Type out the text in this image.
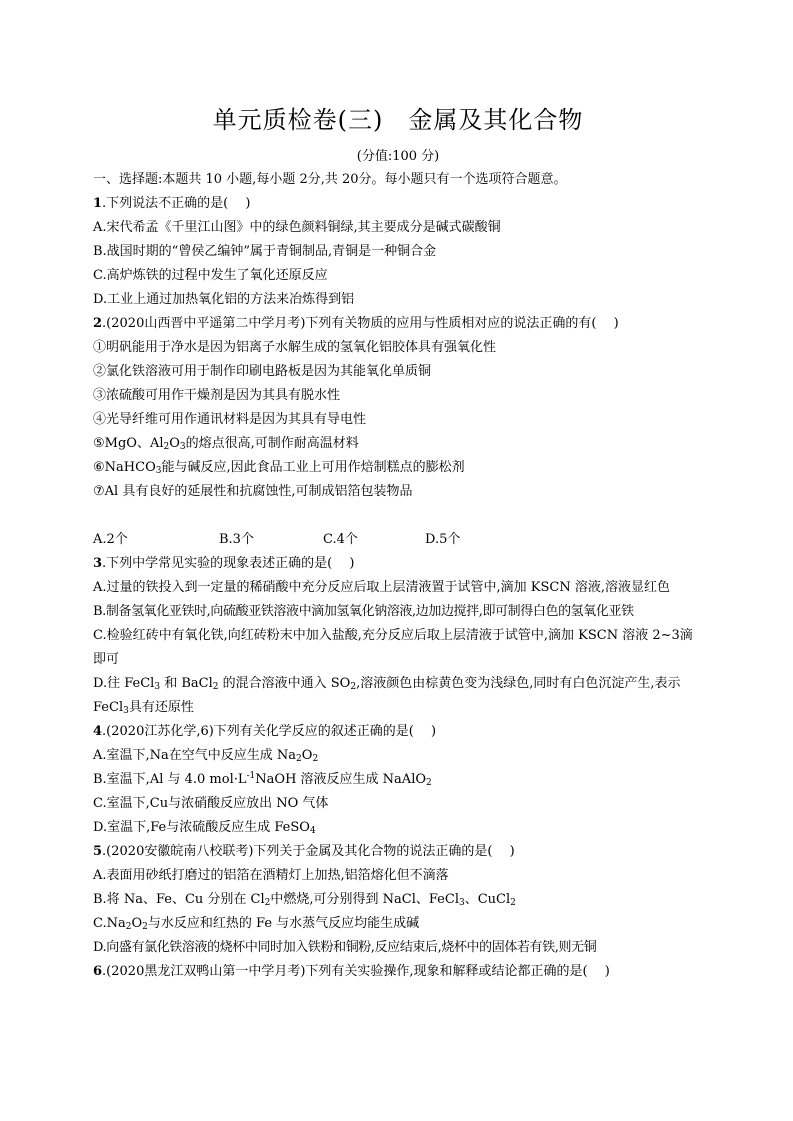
单元质检卷(三)　金属及其化合物
(分值:100 分)
一、选择题:本题共 10 小题,每小题 2分,共 20分。每小题只有一个选项符合题意。
1.下列说法不正确的是(　 )
A.宋代希孟《千里江山图》中的绿色颜料铜绿,其主要成分是碱式碳酸铜
B.战国时期的“曾侯乙编钟”属于青铜制品,青铜是一种铜合金
C.高炉炼铁的过程中发生了氧化还原反应
D.工业上通过加热氧化铝的方法来冶炼得到铝
2.(2020山西晋中平遥第二中学月考)下列有关物质的应用与性质相对应的说法正确的有(　 )
①明矾能用于净水是因为铝离子水解生成的氢氧化铝胶体具有强氧化性
②氯化铁溶液可用于制作印刷电路板是因为其能氧化单质铜
③浓硫酸可用作干燥剂是因为其具有脱水性
④光导纤维可用作通讯材料是因为其具有导电性
⑤MgO、$Al_2O_3$的熔点很高,可制作耐高温材料
⑥NaHCO$_3$能与碱反应,因此食品工业上可用作焙制糕点的膨松剂
⑦Al 具有良好的延展性和抗腐蚀性,可制成铝箔包装物品
A.2个	B.3个	C.4个	D.5个
3.下列中学常见实验的现象表述正确的是(　 )
A.过量的铁投入到一定量的稀硝酸中充分反应后取上层清液置于试管中,滴加 KSCN 溶液,溶液显红色
B.制备氢氧化亚铁时,向硫酸亚铁溶液中滴加氢氧化钠溶液,边加边搅拌,即可制得白色的氢氧化亚铁
C.检验红砖中有氧化铁,向红砖粉末中加入盐酸,充分反应后取上层清液于试管中,滴加 KSCN 溶液 2~3滴即可
D.往 FeCl$_3$ 和 BaCl$_2$ 的混合溶液中通入 $SO_2$,溶液颜色由棕黄色变为浅绿色,同时有白色沉淀产生,表示 FeCl$_3$具有还原性
4.(2020江苏化学,6)下列有关化学反应的叙述正确的是(　 )
A.室温下,Na在空气中反应生成 $Na_2O_2$
B.室温下,Al 与 4.0 $mol\cdot L^{-1}NaOH$ 溶液反应生成 NaAlO$_2$
C.室温下,Cu与浓硝酸反应放出 NO 气体
D.室温下,Fe与浓硫酸反应生成 FeSO$_4$
5.(2020安徽皖南八校联考)下列关于金属及其化合物的说法正确的是(　 )
A.表面用砂纸打磨过的铝箔在酒精灯上加热,铝箔熔化但不滴落
B.将 Na、Fe、Cu 分别在 $Cl_2$中燃烧,可分别得到 NaCl、FeCl$_3$、CuCl$_2$
$C.Na_2O_2$与水反应和红热的 Fe 与水蒸气反应均能生成碱
D.向盛有氯化铁溶液的烧杯中同时加入铁粉和铜粉,反应结束后,烧杯中的固体若有铁,则无铜
6.(2020黑龙江双鸭山第一中学月考)下列有关实验操作,现象和解释或结论都正确的是(　 )
